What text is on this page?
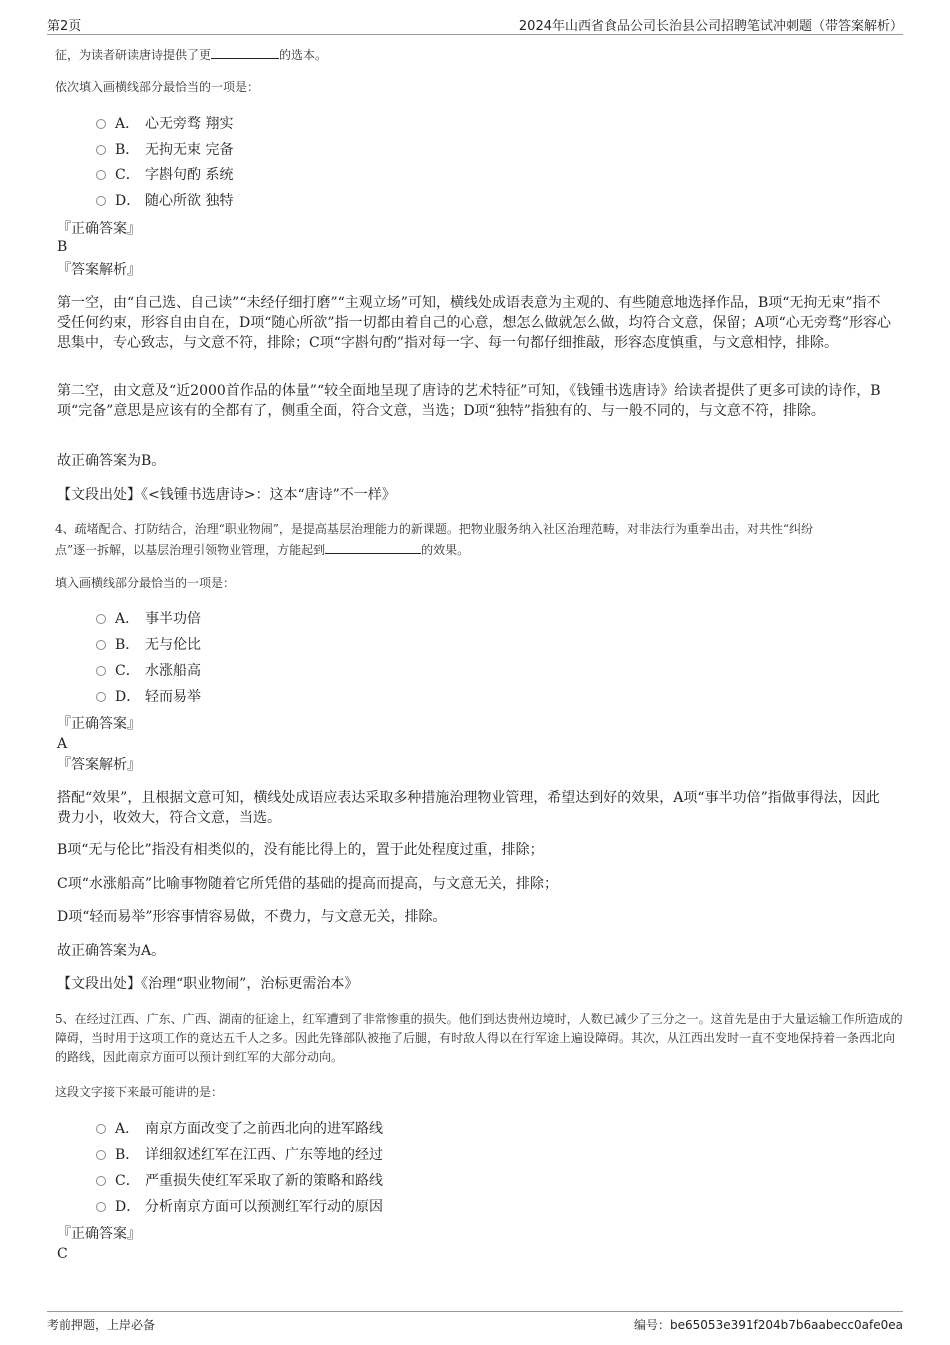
第2页	2024年山西省食品公司长治县公司招聘笔试冲刺题（带答案解析）
征，为读者研读唐诗提供了更	的选本。
依次填入画横线部分最恰当的一项是：
A． 心无旁骛 翔实
B． 无拘无束 完备
C． 字斟句酌 系统
D． 随心所欲 独特
『正确答案』
B
『答案解析』
第一空，由“自己选、自己读”“未经仔细打磨”“主观立场”可知，横线处成语表意为主观的、有些随意地选择作品，B项“无拘无束”指不受任何约束，形容自由自在，D项“随心所欲”指一切都由着自己的心意，想怎么做就怎么做，均符合文意，保留；A项“心无旁骛”形容心思集中，专心致志，与文意不符，排除；C项“字斟句酌”指对每一字、每一句都仔细推敲，形容态度慎重，与文意相悖，排除。
第二空，由文意及“近2000首作品的体量”“较全面地呈现了唐诗的艺术特征”可知，《钱锺书选唐诗》给读者提供了更多可读的诗作，B项“完备”意思是应该有的全都有了，侧重全面，符合文意，当选；D项“独特”指独有的、与一般不同的，与文意不符，排除。
故正确答案为B。
【文段出处】《<钱锺书选唐诗>：这本“唐诗”不一样》
4、疏堵配合、打防结合，治理“职业物闹”，是提高基层治理能力的新课题。把物业服务纳入社区治理范畴，对非法行为重拳出击，对共性“纠纷
点”逐一拆解，以基层治理引领物业管理，方能起到	的效果。
填入画横线部分最恰当的一项是：
A． 事半功倍
B． 无与伦比
C． 水涨船高
D． 轻而易举
『正确答案』
A
『答案解析』
搭配“效果”，且根据文意可知，横线处成语应表达采取多种措施治理物业管理，希望达到好的效果，A项“事半功倍”指做事得法，因此费力小，收效大，符合文意，当选。
B项“无与伦比”指没有相类似的，没有能比得上的，置于此处程度过重，排除；
C项“水涨船高”比喻事物随着它所凭借的基础的提高而提高，与文意无关，排除；
D项“轻而易举”形容事情容易做，不费力，与文意无关，排除。
故正确答案为A。
【文段出处】《治理“职业物闹”，治标更需治本》
5、在经过江西、广东、广西、湖南的征途上，红军遭到了非常惨重的损失。他们到达贵州边境时，人数已减少了三分之一。这首先是由于大量运输工作所造成的障碍，当时用于这项工作的竟达五千人之多。因此先锋部队被拖了后腿，有时敌人得以在行军途上遍设障碍。其次，从江西出发时一直不变地保持着一条西北向的路线，因此南京方面可以预计到红军的大部分动向。
这段文字接下来最可能讲的是：
A． 南京方面改变了之前西北向的进军路线
B． 详细叙述红军在江西、广东等地的经过
C． 严重损失使红军采取了新的策略和路线
D． 分析南京方面可以预测红军行动的原因
『正确答案』
C
考前押题，上岸必备	编号：be65053e391f204b7b6aabecc0afe0ea
